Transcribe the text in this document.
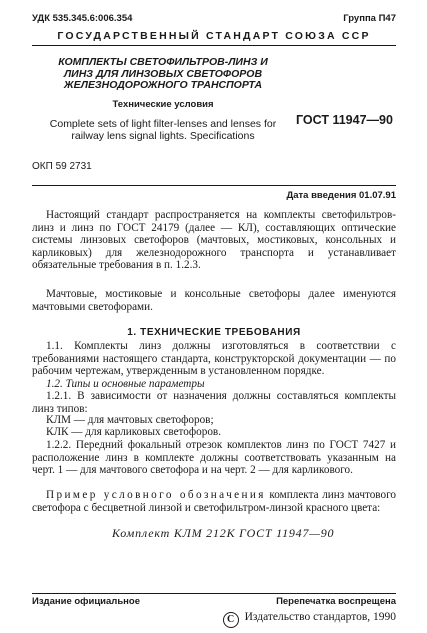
УДК 535.345.6:006.354	Группа П47
ГОСУДАРСТВЕННЫЙ СТАНДАРТ СОЮЗА ССР
КОМПЛЕКТЫ СВЕТОФИЛЬТРОВ-ЛИНЗ И ЛИНЗ ДЛЯ ЛИНЗОВЫХ СВЕТОФОРОВ ЖЕЛЕЗНОДОРОЖНОГО ТРАНСПОРТА
Технические условия
Complete sets of light filter-lenses and lenses for railway lens signal lights. Specifications
ГОСТ 11947—90
ОКП 59 2731
Дата введения 01.07.91
Настоящий стандарт распространяется на комплекты светофильтров-линз и линз по ГОСТ 24179 (далее — КЛ), составляющих оптические системы линзовых светофоров (мачтовых, мостиковых, консольных и карликовых) для железнодорожного транспорта и устанавливает обязательные требования в п. 1.2.3.
Мачтовые, мостиковые и консольные светофоры далее именуются мачтовыми светофорами.
1. ТЕХНИЧЕСКИЕ ТРЕБОВАНИЯ
1.1. Комплекты линз должны изготовляться в соответствии с требованиями настоящего стандарта, конструкторской документации — по рабочим чертежам, утвержденным в установленном порядке.
1.2. Типы и основные параметры
1.2.1. В зависимости от назначения должны составляться комплекты линз типов:
КЛМ — для мачтовых светофоров;
КЛК — для карликовых светофоров.
1.2.2. Передний фокальный отрезок комплектов линз по ГОСТ 7427 и расположение линз в комплекте должны соответствовать указанным на черт. 1 — для мачтового светофора и на черт. 2 — для карликового.
Пример условного обозначения комплекта линз мачтового светофора с бесцветной линзой и светофильтром-линзой красного цвета:
Комплект КЛМ 212К ГОСТ 11947—90
Издание официальное	Перепечатка воспрещена
С Издательство стандартов, 1990
